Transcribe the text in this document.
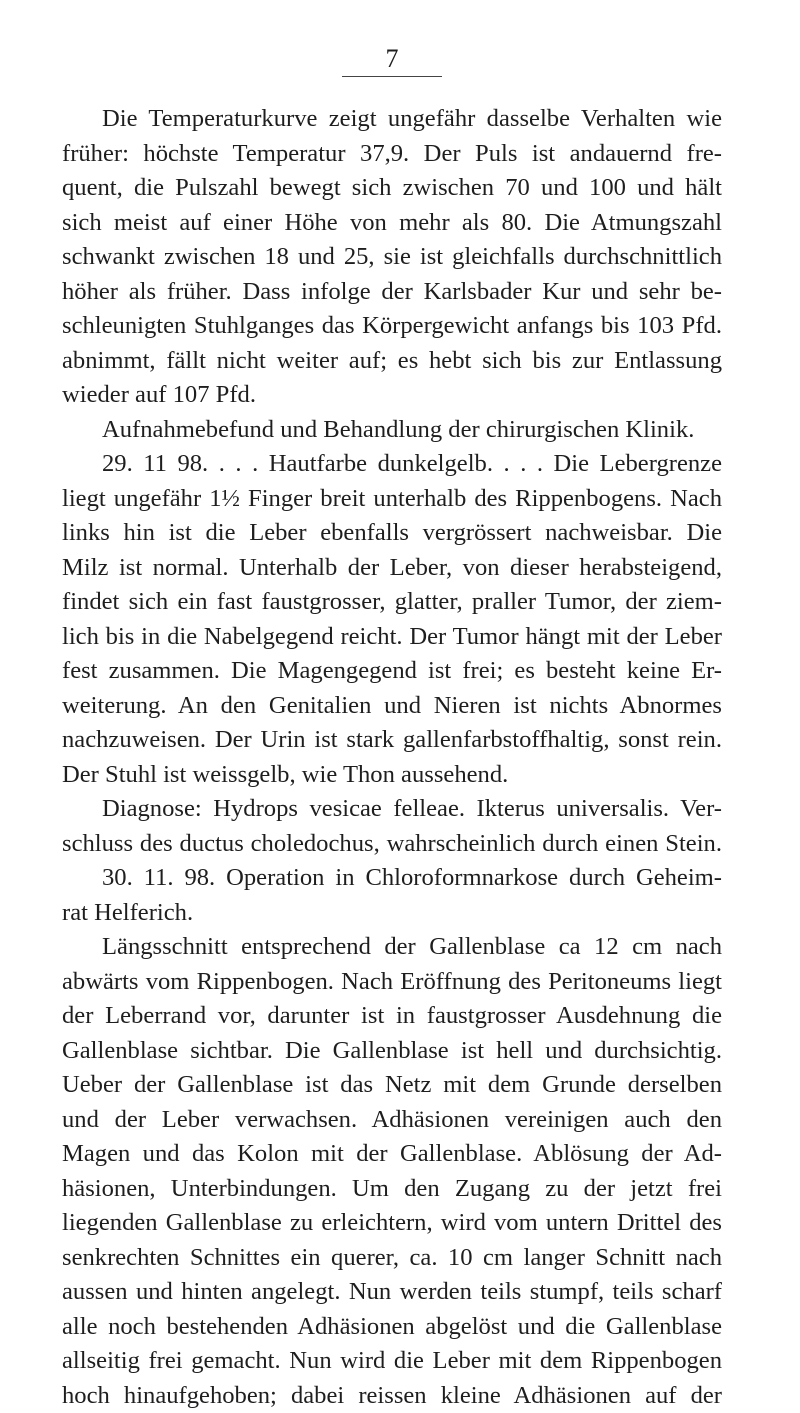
7
Die Temperaturkurve zeigt ungefähr dasselbe Verhalten wie
früher: höchste Temperatur 37,9. Der Puls ist andauernd fre-
quent, die Pulszahl bewegt sich zwischen 70 und 100 und hält
sich meist auf einer Höhe von mehr als 80. Die Atmungszahl
schwankt zwischen 18 und 25, sie ist gleichfalls durchschnittlich
höher als früher. Dass infolge der Karlsbader Kur und sehr be-
schleunigten Stuhlganges das Körpergewicht anfangs bis 103 Pfd.
abnimmt, fällt nicht weiter auf; es hebt sich bis zur Entlassung
wieder auf 107 Pfd.
Aufnahmebefund und Behandlung der chirurgischen Klinik.
29. 11 98. . . . Hautfarbe dunkelgelb. . . . Die Lebergrenze
liegt ungefähr 1½ Finger breit unterhalb des Rippenbogens. Nach
links hin ist die Leber ebenfalls vergrössert nachweisbar. Die
Milz ist normal. Unterhalb der Leber, von dieser herabsteigend,
findet sich ein fast faustgrosser, glatter, praller Tumor, der ziem-
lich bis in die Nabelgegend reicht. Der Tumor hängt mit der Leber
fest zusammen. Die Magengegend ist frei; es besteht keine Er-
weiterung. An den Genitalien und Nieren ist nichts Abnormes
nachzuweisen. Der Urin ist stark gallenfarbstoffhaltig, sonst rein.
Der Stuhl ist weissgelb, wie Thon aussehend.
Diagnose: Hydrops vesicae felleae. Ikterus universalis. Ver-
schluss des ductus choledochus, wahrscheinlich durch einen Stein.
30. 11. 98. Operation in Chloroformnarkose durch Geheim-
rat Helferich.
Längsschnitt entsprechend der Gallenblase ca 12 cm nach
abwärts vom Rippenbogen. Nach Eröffnung des Peritoneums liegt
der Leberrand vor, darunter ist in faustgrosser Ausdehnung die
Gallenblase sichtbar. Die Gallenblase ist hell und durchsichtig.
Ueber der Gallenblase ist das Netz mit dem Grunde derselben
und der Leber verwachsen. Adhäsionen vereinigen auch den
Magen und das Kolon mit der Gallenblase. Ablösung der Ad-
häsionen, Unterbindungen. Um den Zugang zu der jetzt frei
liegenden Gallenblase zu erleichtern, wird vom untern Drittel des
senkrechten Schnittes ein querer, ca. 10 cm langer Schnitt nach
aussen und hinten angelegt. Nun werden teils stumpf, teils scharf
alle noch bestehenden Adhäsionen abgelöst und die Gallenblase
allseitig frei gemacht. Nun wird die Leber mit dem Rippenbogen
hoch hinaufgehoben; dabei reissen kleine Adhäsionen auf der
